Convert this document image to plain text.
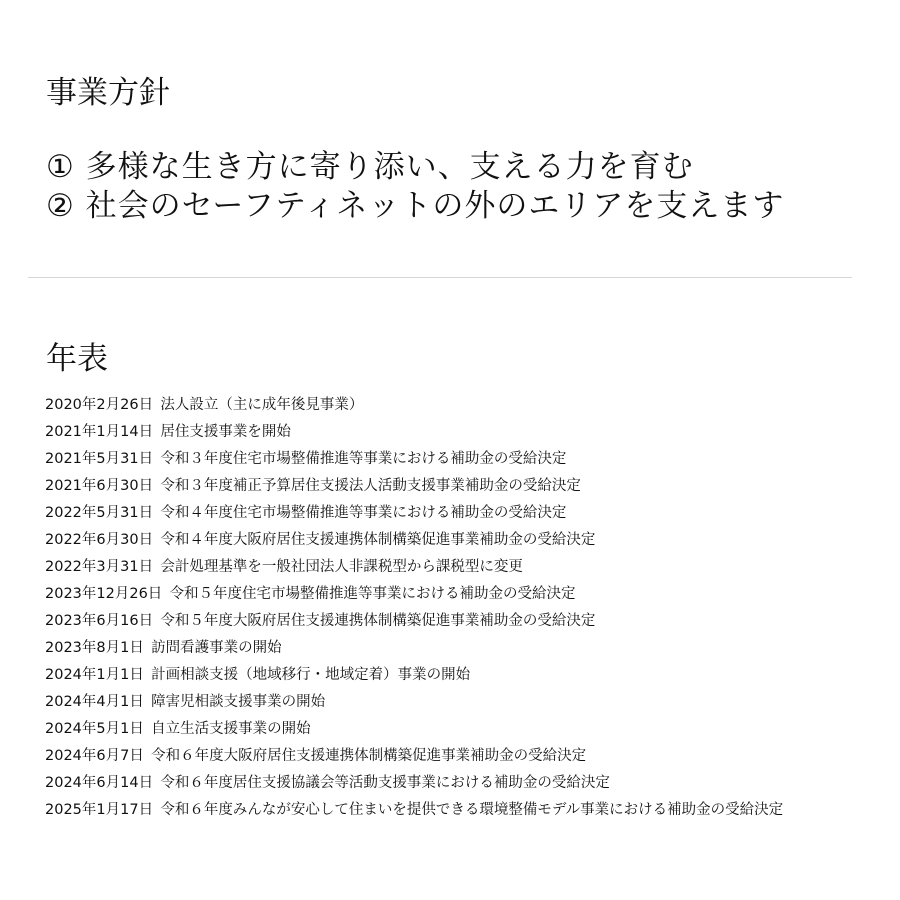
事業方針
① 多様な生き方に寄り添い、支える力を育む
② 社会のセーフティネットの外のエリアを支えます
年表
2020年2月26日 法人設立（主に成年後見事業）
2021年1月14日 居住支援事業を開始
2021年5月31日 令和３年度住宅市場整備推進等事業における補助金の受給決定
2021年6月30日 令和３年度補正予算居住支援法人活動支援事業補助金の受給決定
2022年5月31日 令和４年度住宅市場整備推進等事業における補助金の受給決定
2022年6月30日 令和４年度大阪府居住支援連携体制構築促進事業補助金の受給決定
2022年3月31日 会計処理基準を一般社団法人非課税型から課税型に変更
2023年12月26日 令和５年度住宅市場整備推進等事業における補助金の受給決定
2023年6月16日 令和５年度大阪府居住支援連携体制構築促進事業補助金の受給決定
2023年8月1日 訪問看護事業の開始
2024年1月1日 計画相談支援（地域移行・地域定着）事業の開始
2024年4月1日 障害児相談支援事業の開始
2024年5月1日 自立生活支援事業の開始
2024年6月7日 令和６年度大阪府居住支援連携体制構築促進事業補助金の受給決定
2024年6月14日 令和６年度居住支援協議会等活動支援事業における補助金の受給決定
2025年1月17日 令和６年度みんなが安心して住まいを提供できる環境整備モデル事業における補助金の受給決定
